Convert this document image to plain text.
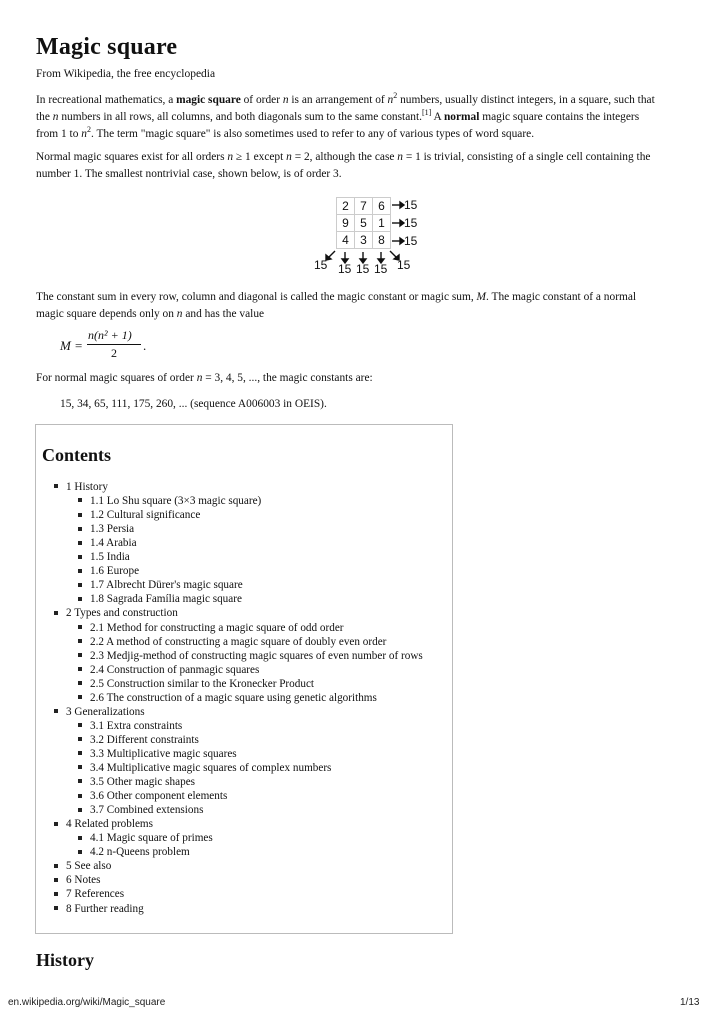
Magic square
From Wikipedia, the free encyclopedia

In recreational mathematics, a magic square of order n is an arrangement of $n^2$ numbers, usually distinct integers, in a square, such that
the n numbers in all rows, all columns, and both diagonals sum to the same constant.[1] A normal magic square contains the integers
from 1 to $n^2$. The term "magic square" is also sometimes used to refer to any of various types of word square.

Normal magic squares exist for all orders n ≥ 1 except n = 2, although the case n = 1 is trivial, consisting of a single cell containing the
number 1. The smallest nontrivial case, shown below, is of order 3.

2	7	6
9	5	1
4	3	8
15
15
15
15 15 15
15	15

The constant sum in every row, column and diagonal is called the magic constant or magic sum, M. The magic constant of a normal
magic square depends only on n and has the value

M =
n(n² + 1)
2 .

For normal magic squares of order n = 3, 4, 5, ..., the magic constants are:

15, 34, 65, 111, 175, 260, ... (sequence A006003 in OEIS).

Contents
1 History
1.1 Lo Shu square (3×3 magic square)
1.2 Cultural significance
1.3 Persia
1.4 Arabia
1.5 India
1.6 Europe
1.7 Albrecht Dürer's magic square
1.8 Sagrada Família magic square
2 Types and construction
2.1 Method for constructing a magic square of odd order
2.2 A method of constructing a magic square of doubly even order
2.3 Medjig-method of constructing magic squares of even number of rows
2.4 Construction of panmagic squares
2.5 Construction similar to the Kronecker Product
2.6 The construction of a magic square using genetic algorithms
3 Generalizations
3.1 Extra constraints
3.2 Different constraints
3.3 Multiplicative magic squares
3.4 Multiplicative magic squares of complex numbers
3.5 Other magic shapes
3.6 Other component elements
3.7 Combined extensions
4 Related problems
4.1 Magic square of primes
4.2 n-Queens problem
5 See also
6 Notes
7 References
8 Further reading
History
en.wikipedia.org/wiki/Magic_square	1/13
